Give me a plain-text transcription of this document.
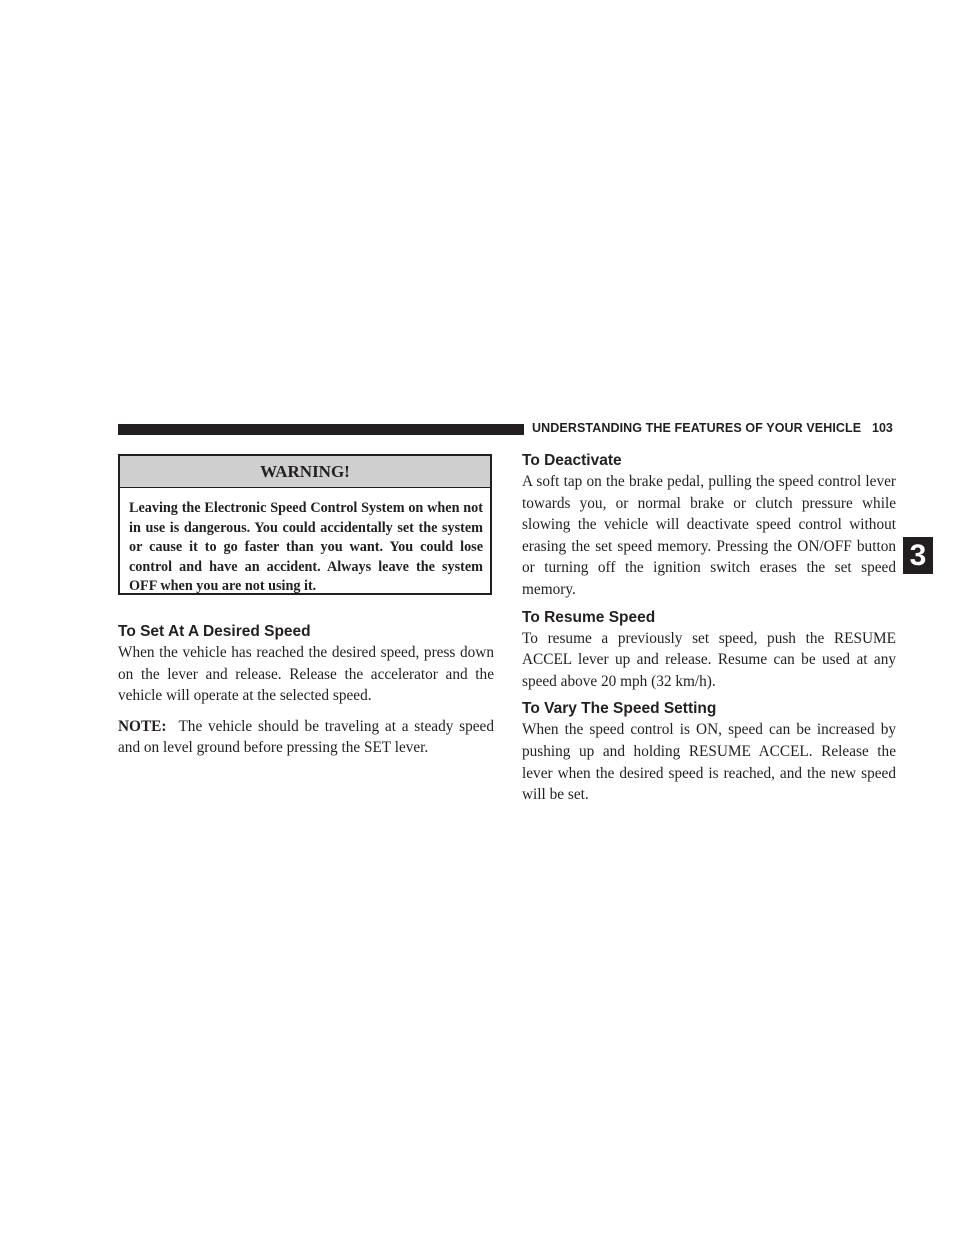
UNDERSTANDING THE FEATURES OF YOUR VEHICLE 103
3
WARNING!
Leaving the Electronic Speed Control System on when not in use is dangerous. You could accidentally set the system or cause it to go faster than you want. You could lose control and have an accident. Always leave the system OFF when you are not using it.
To Set At A Desired Speed

When the vehicle has reached the desired speed, press down on the lever and release. Release the accelerator and the vehicle will operate at the selected speed.

NOTE: The vehicle should be traveling at a steady speed and on level ground before pressing the SET lever.

To Deactivate

A soft tap on the brake pedal, pulling the speed control lever towards you, or normal brake or clutch pressure while slowing the vehicle will deactivate speed control without erasing the set speed memory. Pressing the ON/OFF button or turning off the ignition switch erases the set speed memory.

To Resume Speed

To resume a previously set speed, push the RESUME ACCEL lever up and release. Resume can be used at any speed above 20 mph (32 km/h).

To Vary The Speed Setting

When the speed control is ON, speed can be increased by pushing up and holding RESUME ACCEL. Release the lever when the desired speed is reached, and the new speed will be set.
